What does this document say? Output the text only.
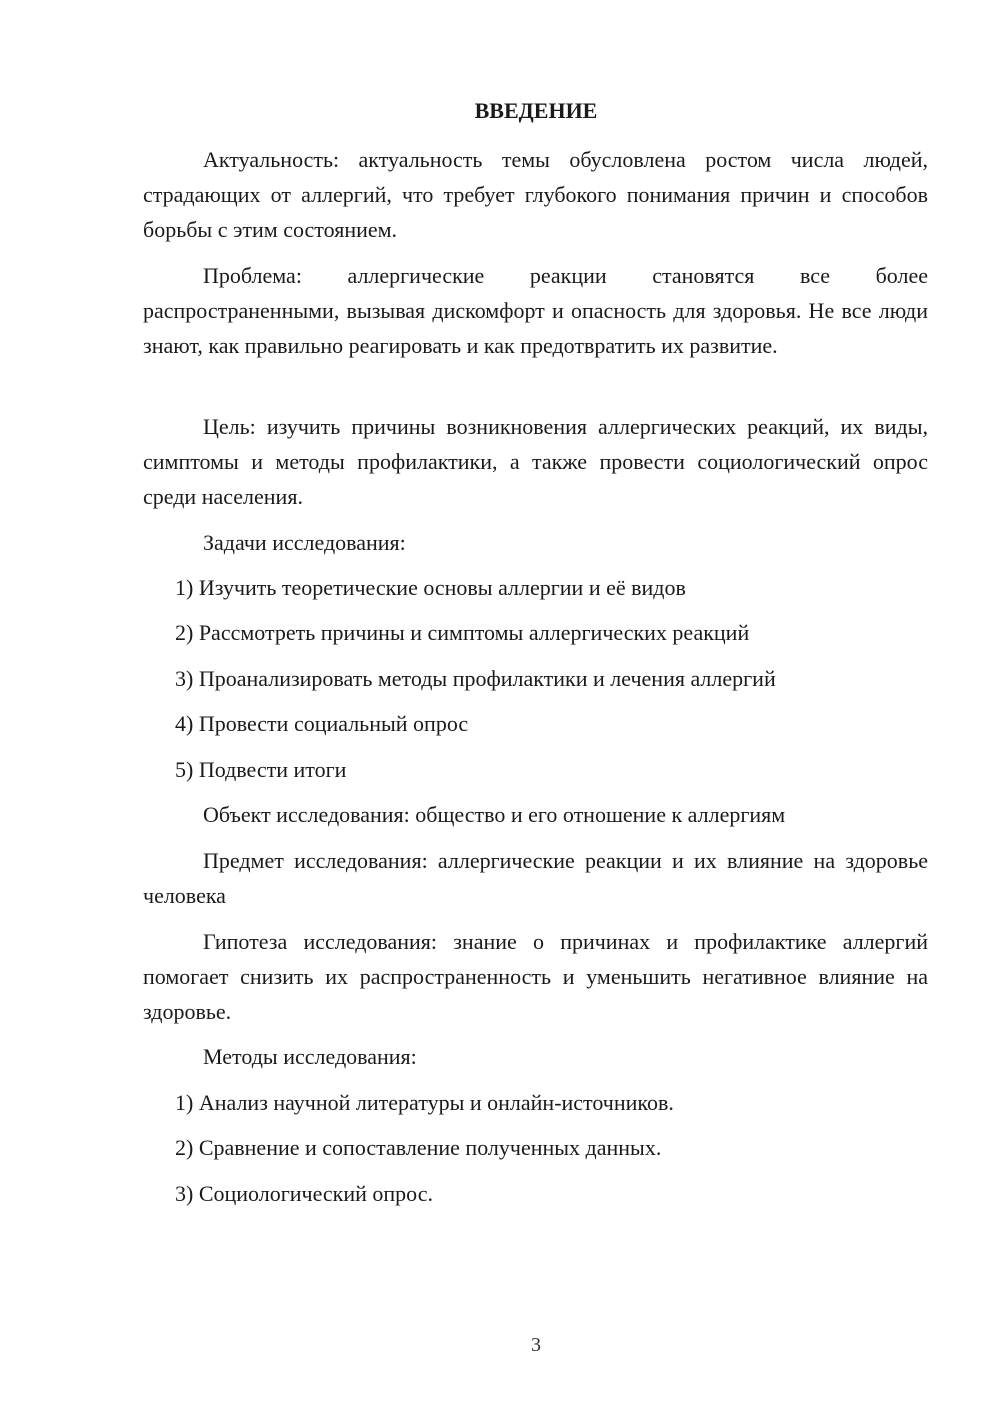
ВВЕДЕНИЕ
Актуальность: актуальность темы обусловлена ростом числа людей, страдающих от аллергий, что требует глубокого понимания причин и способов борьбы с этим состоянием.
Проблема: аллергические реакции становятся все более распространенными, вызывая дискомфорт и опасность для здоровья. Не все люди знают, как правильно реагировать и как предотвратить их развитие.
Цель: изучить причины возникновения аллергических реакций, их виды, симптомы и методы профилактики, а также провести социологический опрос среди населения.
Задачи исследования:
1) Изучить теоретические основы аллергии и её видов
2) Рассмотреть причины и симптомы аллергических реакций
3) Проанализировать методы профилактики и лечения аллергий
4) Провести социальный опрос
5) Подвести итоги
Объект исследования: общество и его отношение к аллергиям
Предмет исследования: аллергические реакции и их влияние на здоровье человека
Гипотеза исследования: знание о причинах и профилактике аллергий помогает снизить их распространенность и уменьшить негативное влияние на здоровье.
Методы исследования:
1) Анализ научной литературы и онлайн-источников.
2) Сравнение и сопоставление полученных данных.
3) Социологический опрос.
3
